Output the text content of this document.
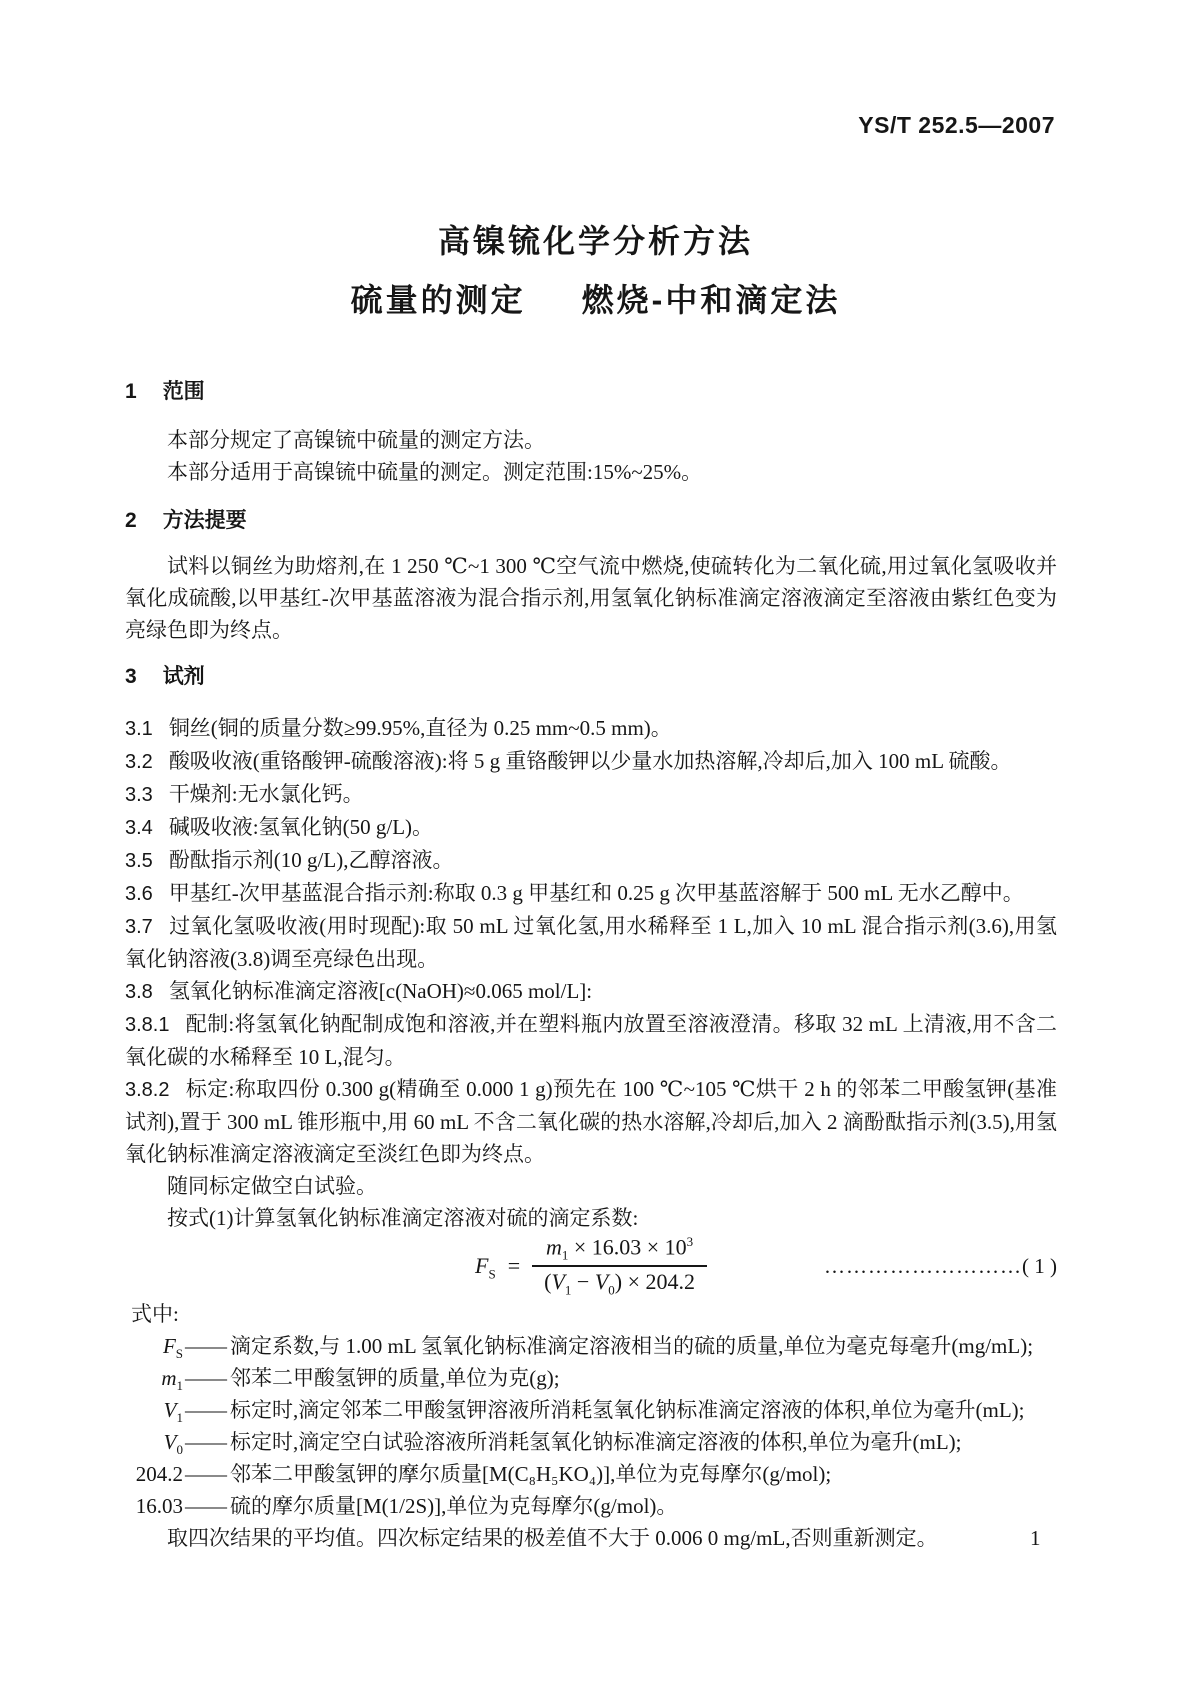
YS/T 252.5—2007
高镍锍化学分析方法
硫量的测定 燃烧-中和滴定法
1 范围
本部分规定了高镍锍中硫量的测定方法。
本部分适用于高镍锍中硫量的测定。测定范围:15%~25%。
2 方法提要
试料以铜丝为助熔剂,在 1 250 ℃~1 300 ℃空气流中燃烧,使硫转化为二氧化硫,用过氧化氢吸收并氧化成硫酸,以甲基红-次甲基蓝溶液为混合指示剂,用氢氧化钠标准滴定溶液滴定至溶液由紫红色变为亮绿色即为终点。
3 试剂
3.1 铜丝(铜的质量分数≥99.95%,直径为 0.25 mm~0.5 mm)。
3.2 酸吸收液(重铬酸钾-硫酸溶液):将 5 g 重铬酸钾以少量水加热溶解,冷却后,加入 100 mL 硫酸。
3.3 干燥剂:无水氯化钙。
3.4 碱吸收液:氢氧化钠(50 g/L)。
3.5 酚酞指示剂(10 g/L),乙醇溶液。
3.6 甲基红-次甲基蓝混合指示剂:称取 0.3 g 甲基红和 0.25 g 次甲基蓝溶解于 500 mL 无水乙醇中。
3.7 过氧化氢吸收液(用时现配):取 50 mL 过氧化氢,用水稀释至 1 L,加入 10 mL 混合指示剂(3.6),用氢氧化钠溶液(3.8)调至亮绿色出现。
3.8 氢氧化钠标准滴定溶液[c(NaOH)≈0.065 mol/L]:
3.8.1 配制:将氢氧化钠配制成饱和溶液,并在塑料瓶内放置至溶液澄清。移取 32 mL 上清液,用不含二氧化碳的水稀释至 10 L,混匀。
3.8.2 标定:称取四份 0.300 g(精确至 0.000 1 g)预先在 100 ℃~105 ℃烘干 2 h 的邻苯二甲酸氢钾(基准试剂),置于 300 mL 锥形瓶中,用 60 mL 不含二氧化碳的热水溶解,冷却后,加入 2 滴酚酞指示剂(3.5),用氢氧化钠标准滴定溶液滴定至淡红色即为终点。
随同标定做空白试验。
按式(1)计算氢氧化钠标准滴定溶液对硫的滴定系数:
$F_S = \frac{m_1 \times 16.03 \times 10^3}{(V_1 - V_0) \times 204.2}$	……………………… ( 1 )
式中:
$F_S$ —— 滴定系数,与 1.00 mL 氢氧化钠标准滴定溶液相当的硫的质量,单位为毫克每毫升(mg/mL);
$m_1$ —— 邻苯二甲酸氢钾的质量,单位为克(g);
$V_1$ —— 标定时,滴定邻苯二甲酸氢钾溶液所消耗氢氧化钠标准滴定溶液的体积,单位为毫升(mL);
$V_0$ —— 标定时,滴定空白试验溶液所消耗氢氧化钠标准滴定溶液的体积,单位为毫升(mL);
204.2 —— 邻苯二甲酸氢钾的摩尔质量[M(C₈H₅KO₄)],单位为克每摩尔(g/mol);
16.03 —— 硫的摩尔质量[M(1/2S)],单位为克每摩尔(g/mol)。
取四次结果的平均值。四次标定结果的极差值不大于 0.006 0 mg/mL,否则重新测定。	1
